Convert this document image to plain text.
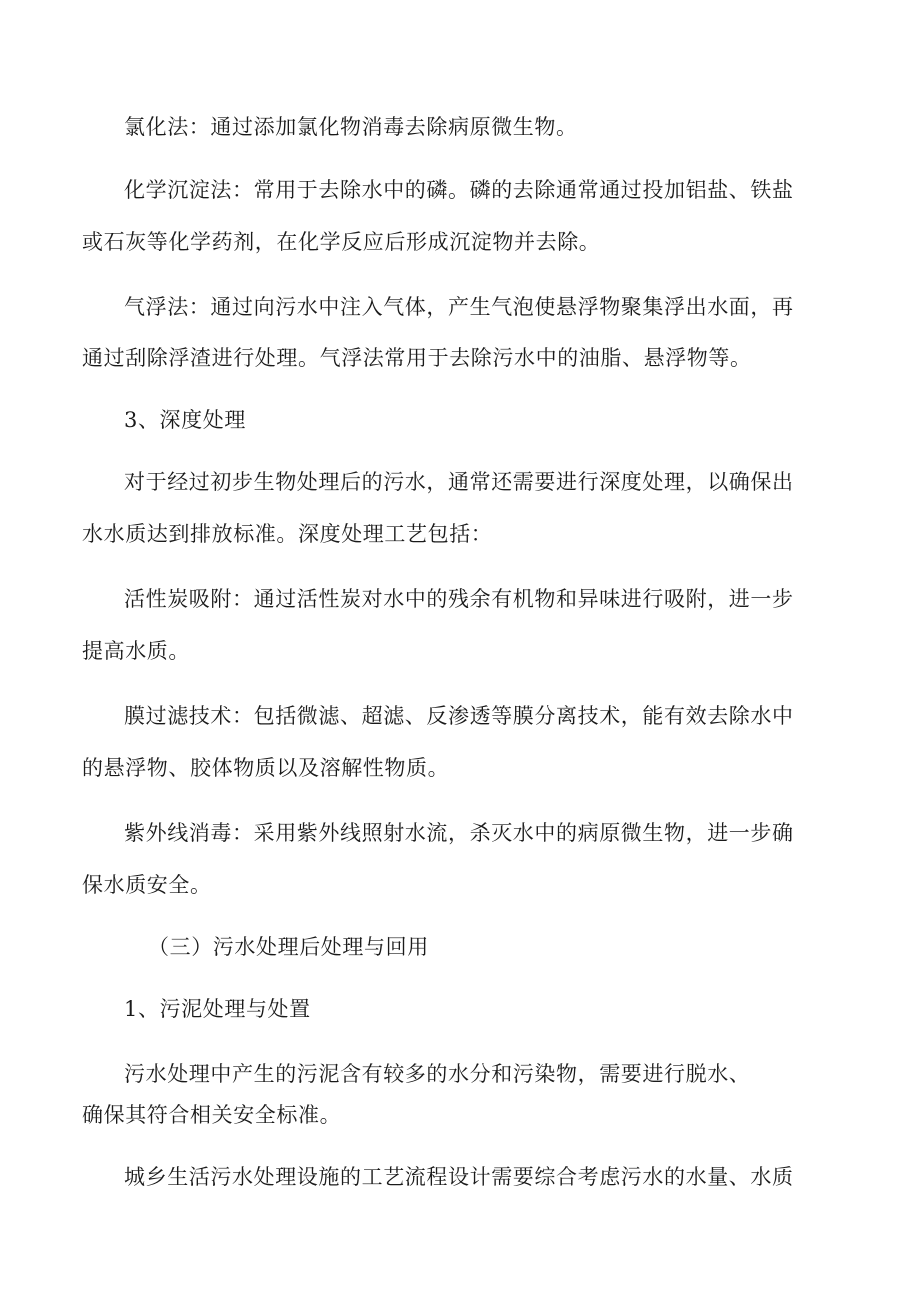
氯化法：通过添加氯化物消毒去除病原微生物。

化学沉淀法：常用于去除水中的磷。磷的去除通常通过投加铝盐、铁盐

或石灰等化学药剂，在化学反应后形成沉淀物并去除。

气浮法：通过向污水中注入气体，产生气泡使悬浮物聚集浮出水面，再

通过刮除浮渣进行处理。气浮法常用于去除污水中的油脂、悬浮物等。

3、深度处理

对于经过初步生物处理后的污水，通常还需要进行深度处理，以确保出

水水质达到排放标准。深度处理工艺包括：

活性炭吸附：通过活性炭对水中的残余有机物和异味进行吸附，进一步

提高水质。

膜过滤技术：包括微滤、超滤、反渗透等膜分离技术，能有效去除水中

的悬浮物、胶体物质以及溶解性物质。

紫外线消毒：采用紫外线照射水流，杀灭水中的病原微生物，进一步确

保水质安全。

（三）污水处理后处理与回用

1、污泥处理与处置

污水处理中产生的污泥含有较多的水分和污染物，需要进行脱水、

确保其符合相关安全标准。

城乡生活污水处理设施的工艺流程设计需要综合考虑污水的水量、水质
